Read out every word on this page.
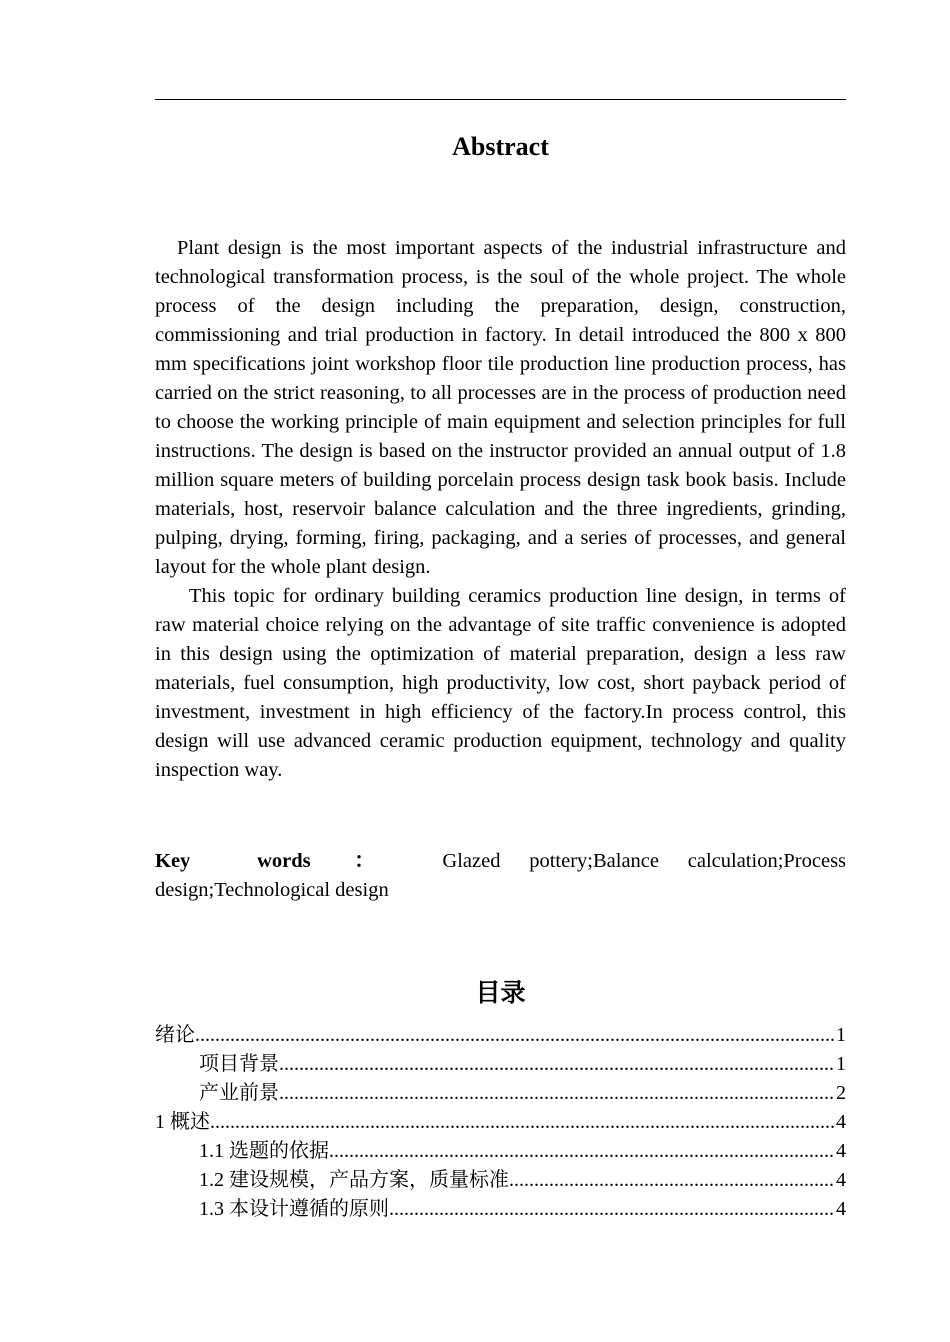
Abstract

Plant design is the most important aspects of the industrial infrastructure and technological transformation process, is the soul of the whole project. The whole process of the design including the preparation, design, construction, commissioning and trial production in factory. In detail introduced the 800 x 800 mm specifications joint workshop floor tile production line production process, has carried on the strict reasoning, to all processes are in the process of production need to choose the working principle of main equipment and selection principles for full instructions. The design is based on the instructor provided an annual output of 1.8 million square meters of building porcelain process design task book basis. Include materials, host, reservoir balance calculation and the three ingredients, grinding, pulping, drying, forming, firing, packaging, and a series of processes, and general layout for the whole plant design.

This topic for ordinary building ceramics production line design, in terms of raw material choice relying on the advantage of site traffic convenience is adopted in this design using the optimization of material preparation, design a less raw materials, fuel consumption, high productivity, low cost, short payback period of investment, investment in high efficiency of the factory.In process control, this design will use advanced ceramic production equipment, technology and quality inspection way.

Key words ： Glazed pottery;Balance calculation;Process design;Technological design

目录
绪论 .....	1
项目背景 .....	1
产业前景 .....	2
1 概述 .....	4
1.1 选题的依据 .....	4
1.2 建设规模，产品方案，质量标准 .....	4
1.3 本设计遵循的原则 .....	4
